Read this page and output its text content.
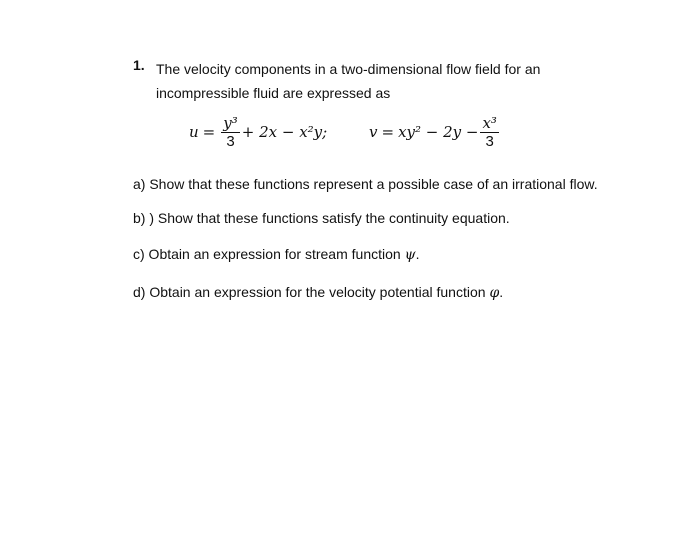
1. The velocity components in a two-dimensional flow field for an
incompressible fluid are expressed as
$u = \frac{\text{y³}}{3} + 2x - x^2y$;	$v = xy^2 - 2y - \frac{\text{x³}}{3}$
a) Show that these functions represent a possible case of an irrational flow.
b) ) Show that these functions satisfy the continuity equation.
c) Obtain an expression for stream function ψ.
d) Obtain an expression for the velocity potential function φ.
